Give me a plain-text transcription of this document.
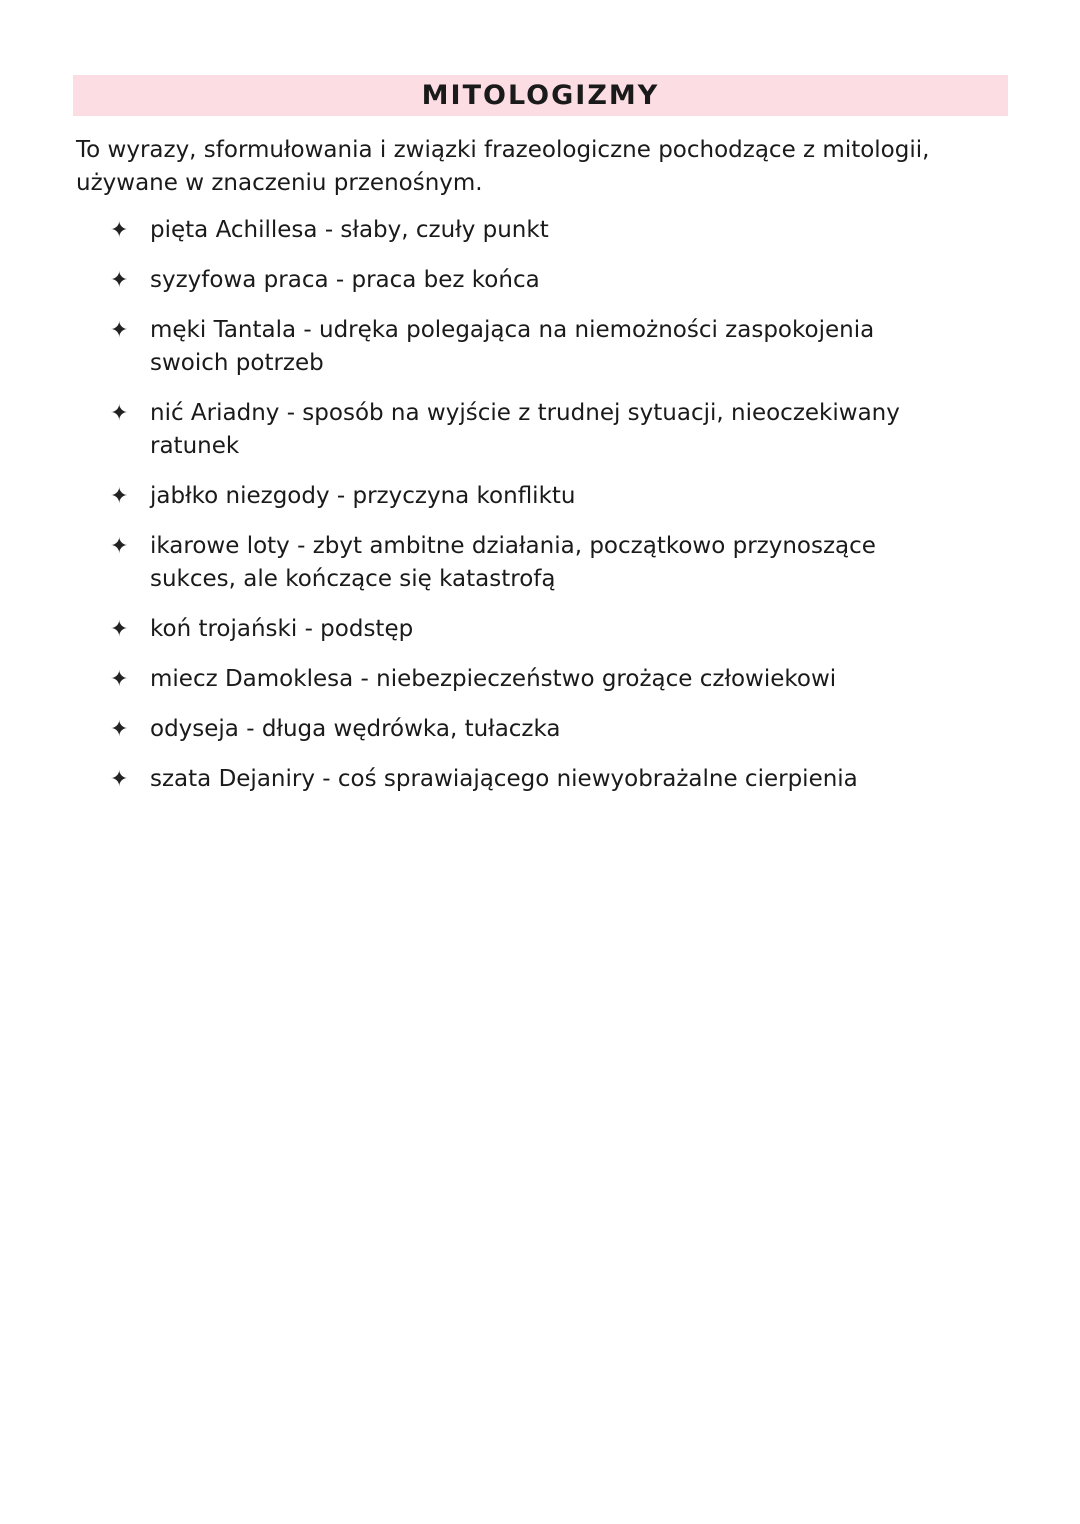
MITOLOGIZMY

To wyrazy, sformułowania i związki frazeologiczne pochodzące z mitologii, używane w znaczeniu przenośnym.

✦ pięta Achillesa - słaby, czuły punkt
✦ syzyfowa praca - praca bez końca
✦ męki Tantala - udręka polegająca na niemożności zaspokojenia swoich potrzeb
✦ nić Ariadny - sposób na wyjście z trudnej sytuacji, nieoczekiwany ratunek
✦ jabłko niezgody - przyczyna konfliktu
✦ ikarowe loty - zbyt ambitne działania, początkowo przynoszące sukces, ale kończące się katastrofą
✦ koń trojański - podstęp
✦ miecz Damoklesa - niebezpieczeństwo grożące człowiekowi
✦ odyseja - długa wędrówka, tułaczka
✦ szata Dejaniry - coś sprawiającego niewyobrażalne cierpienia
